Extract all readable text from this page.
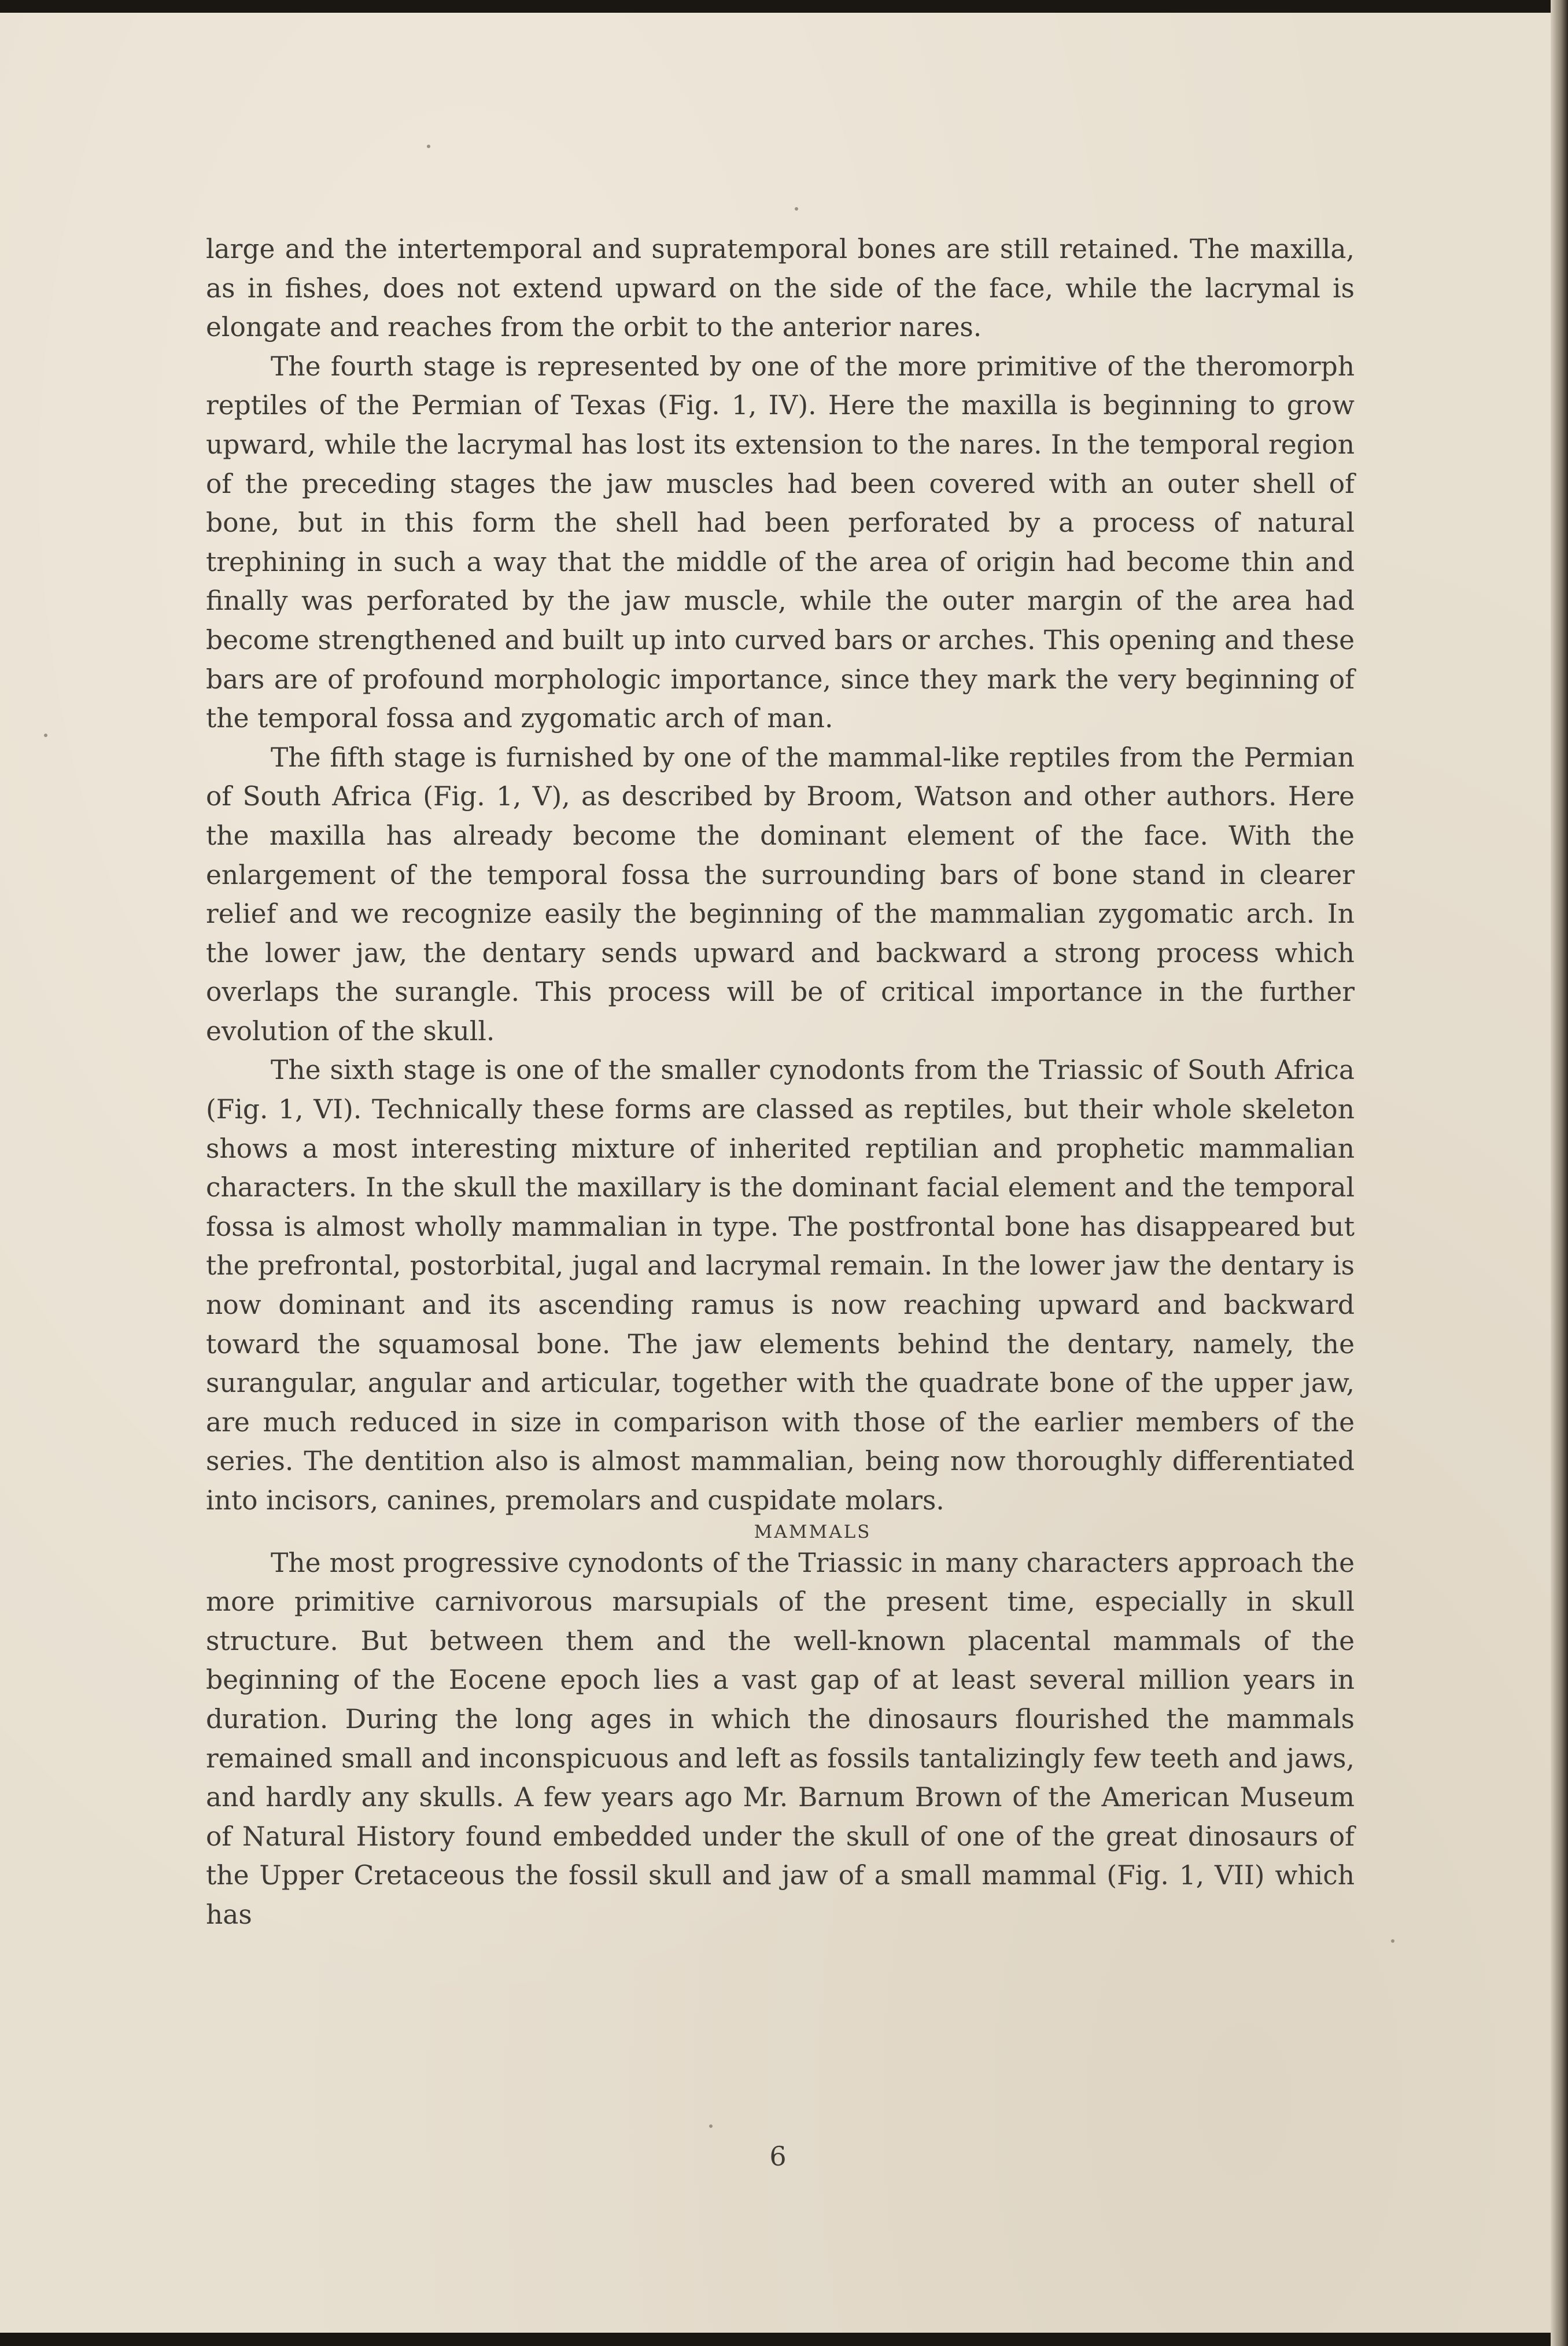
large and the intertemporal and supratemporal bones are still retained. The maxilla, as in fishes, does not extend upward on the side of the face, while the lacrymal is elongate and reaches from the orbit to the anterior nares.

The fourth stage is represented by one of the more primitive of the theromorph reptiles of the Permian of Texas (Fig. 1, IV). Here the maxilla is beginning to grow upward, while the lacrymal has lost its extension to the nares. In the temporal region of the preceding stages the jaw muscles had been covered with an outer shell of bone, but in this form the shell had been perforated by a process of natural trephining in such a way that the middle of the area of origin had become thin and finally was perforated by the jaw muscle, while the outer margin of the area had become strengthened and built up into curved bars or arches. This opening and these bars are of profound morphologic importance, since they mark the very beginning of the temporal fossa and zygomatic arch of man.

The fifth stage is furnished by one of the mammal-like reptiles from the Permian of South Africa (Fig. 1, V), as described by Broom, Watson and other authors. Here the maxilla has already become the dominant element of the face. With the enlargement of the temporal fossa the surrounding bars of bone stand in clearer relief and we recognize easily the beginning of the mammalian zygomatic arch. In the lower jaw, the dentary sends upward and backward a strong process which overlaps the surangle. This process will be of critical importance in the further evolution of the skull.

The sixth stage is one of the smaller cynodonts from the Triassic of South Africa (Fig. 1, VI). Technically these forms are classed as reptiles, but their whole skeleton shows a most interesting mixture of inherited reptilian and prophetic mammalian characters. In the skull the maxillary is the dominant facial element and the temporal fossa is almost wholly mammalian in type. The postfrontal bone has disappeared but the prefrontal, postorbital, jugal and lacrymal remain. In the lower jaw the dentary is now dominant and its ascending ramus is now reaching upward and backward toward the squamosal bone. The jaw elements behind the dentary, namely, the surangular, angular and articular, together with the quadrate bone of the upper jaw, are much reduced in size in comparison with those of the earlier members of the series. The dentition also is almost mammalian, being now thoroughly differentiated into incisors, canines, premolars and cuspidate molars.

MAMMALS

The most progressive cynodonts of the Triassic in many characters approach the more primitive carnivorous marsupials of the present time, especially in skull structure. But between them and the well-known placental mammals of the beginning of the Eocene epoch lies a vast gap of at least several million years in duration. During the long ages in which the dinosaurs flourished the mammals remained small and inconspicuous and left as fossils tantalizingly few teeth and jaws, and hardly any skulls. A few years ago Mr. Barnum Brown of the American Museum of Natural History found embedded under the skull of one of the great dinosaurs of the Upper Cretaceous the fossil skull and jaw of a small mammal (Fig. 1, VII) which has

6
